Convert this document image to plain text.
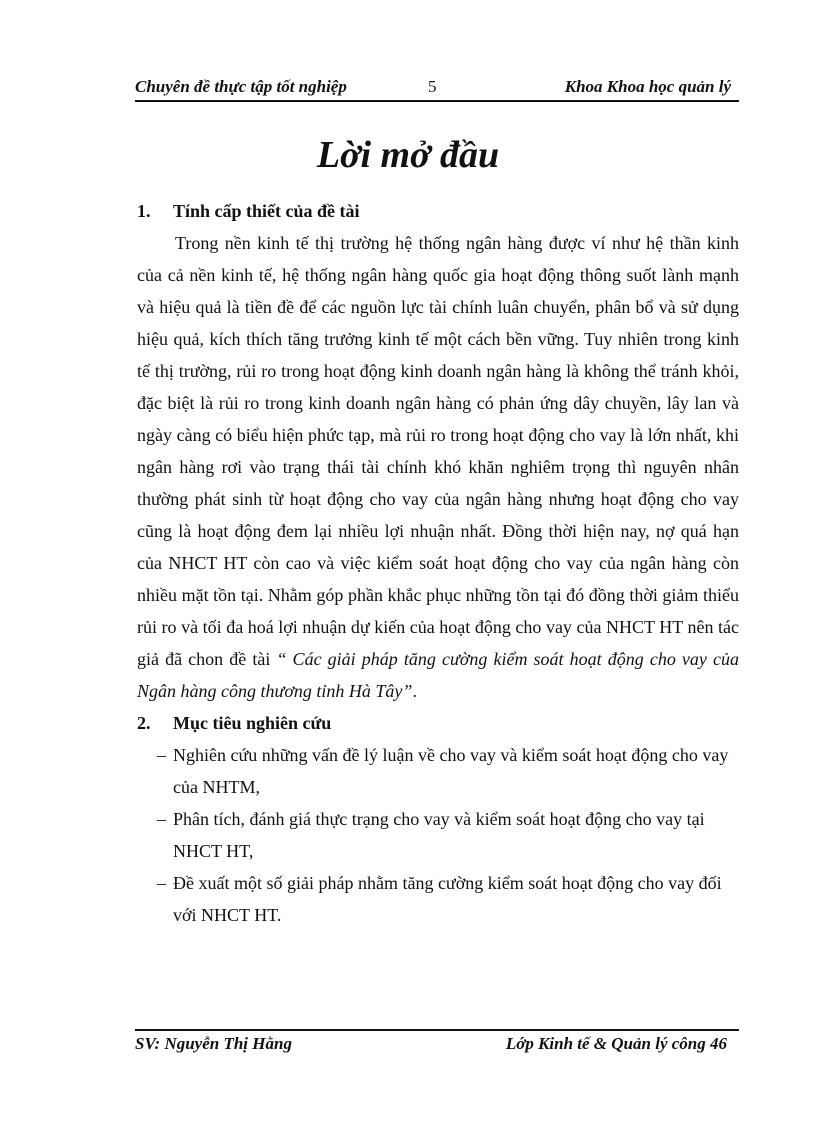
Chuyên đề thực tập tốt nghiệp	5	Khoa Khoa học quản lý
Lời mở đầu

1. Tính cấp thiết của đề tài

Trong nền kinh tế thị trường hệ thống ngân hàng được ví như hệ thần kinh của cả nền kinh tế, hệ thống ngân hàng quốc gia hoạt động thông suốt lành mạnh và hiệu quả là tiền đề để các nguồn lực tài chính luân chuyển, phân bổ và sử dụng hiệu quả, kích thích tăng trưởng kinh tế một cách bền vững. Tuy nhiên trong kinh tế thị trường, rủi ro trong hoạt động kinh doanh ngân hàng là không thể tránh khỏi, đặc biệt là rủi ro trong kinh doanh ngân hàng có phản ứng dây chuyền, lây lan và ngày càng có biểu hiện phức tạp, mà rủi ro trong hoạt động cho vay là lớn nhất, khi ngân hàng rơi vào trạng thái tài chính khó khăn nghiêm trọng thì nguyên nhân thường phát sinh từ hoạt động cho vay của ngân hàng nhưng hoạt động cho vay cũng là hoạt động đem lại nhiều lợi nhuận nhất. Đồng thời hiện nay, nợ quá hạn của NHCT HT còn cao và việc kiểm soát hoạt động cho vay của ngân hàng còn nhiều mặt tồn tại. Nhằm góp phần khắc phục những tồn tại đó đồng thời giảm thiểu rủi ro và tối đa hoá lợi nhuận dự kiến của hoạt động cho vay của NHCT HT nên tác giả đã chon đề tài “ Các giải pháp tăng cường kiểm soát hoạt động cho vay của Ngân hàng công thương tỉnh Hà Tây”.

2. Mục tiêu nghiên cứu

– Nghiên cứu những vấn đề lý luận về cho vay và kiểm soát hoạt động cho vay của NHTM,
– Phân tích, đánh giá thực trạng cho vay và kiểm soát hoạt động cho vay tại NHCT HT,
– Đề xuất một số giải pháp nhằm tăng cường kiểm soát hoạt động cho vay đối với NHCT HT.
SV: Nguyễn Thị Hằng	Lớp Kinh tế & Quản lý công 46
